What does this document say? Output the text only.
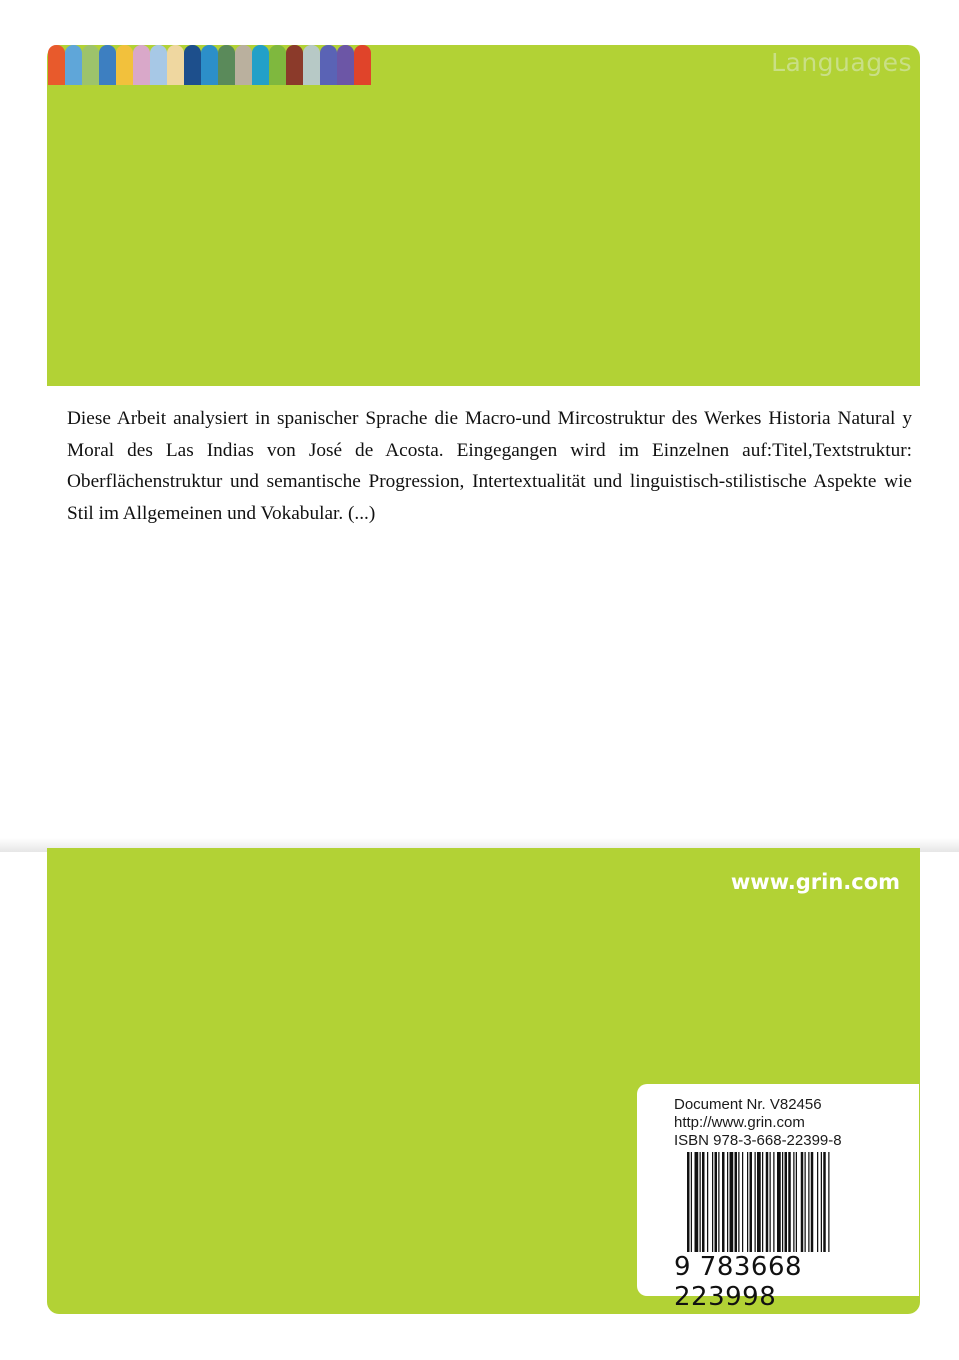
Languages
Diese Arbeit analysiert in spanischer Sprache die Macro-und Mircostruktur des Werkes Historia Natural y Moral des Las Indias von José de Acosta. Eingegangen wird im Einzelnen auf:Titel,Textstruktur: Oberflächenstruktur und semantische Progression, Intertextualität und linguistisch-stilistische Aspekte wie Stil im Allgemeinen und Vokabular. (...)
www.grin.com
Document Nr. V82456
http://www.grin.com
ISBN 978-3-668-22399-8
9 783668 223998
